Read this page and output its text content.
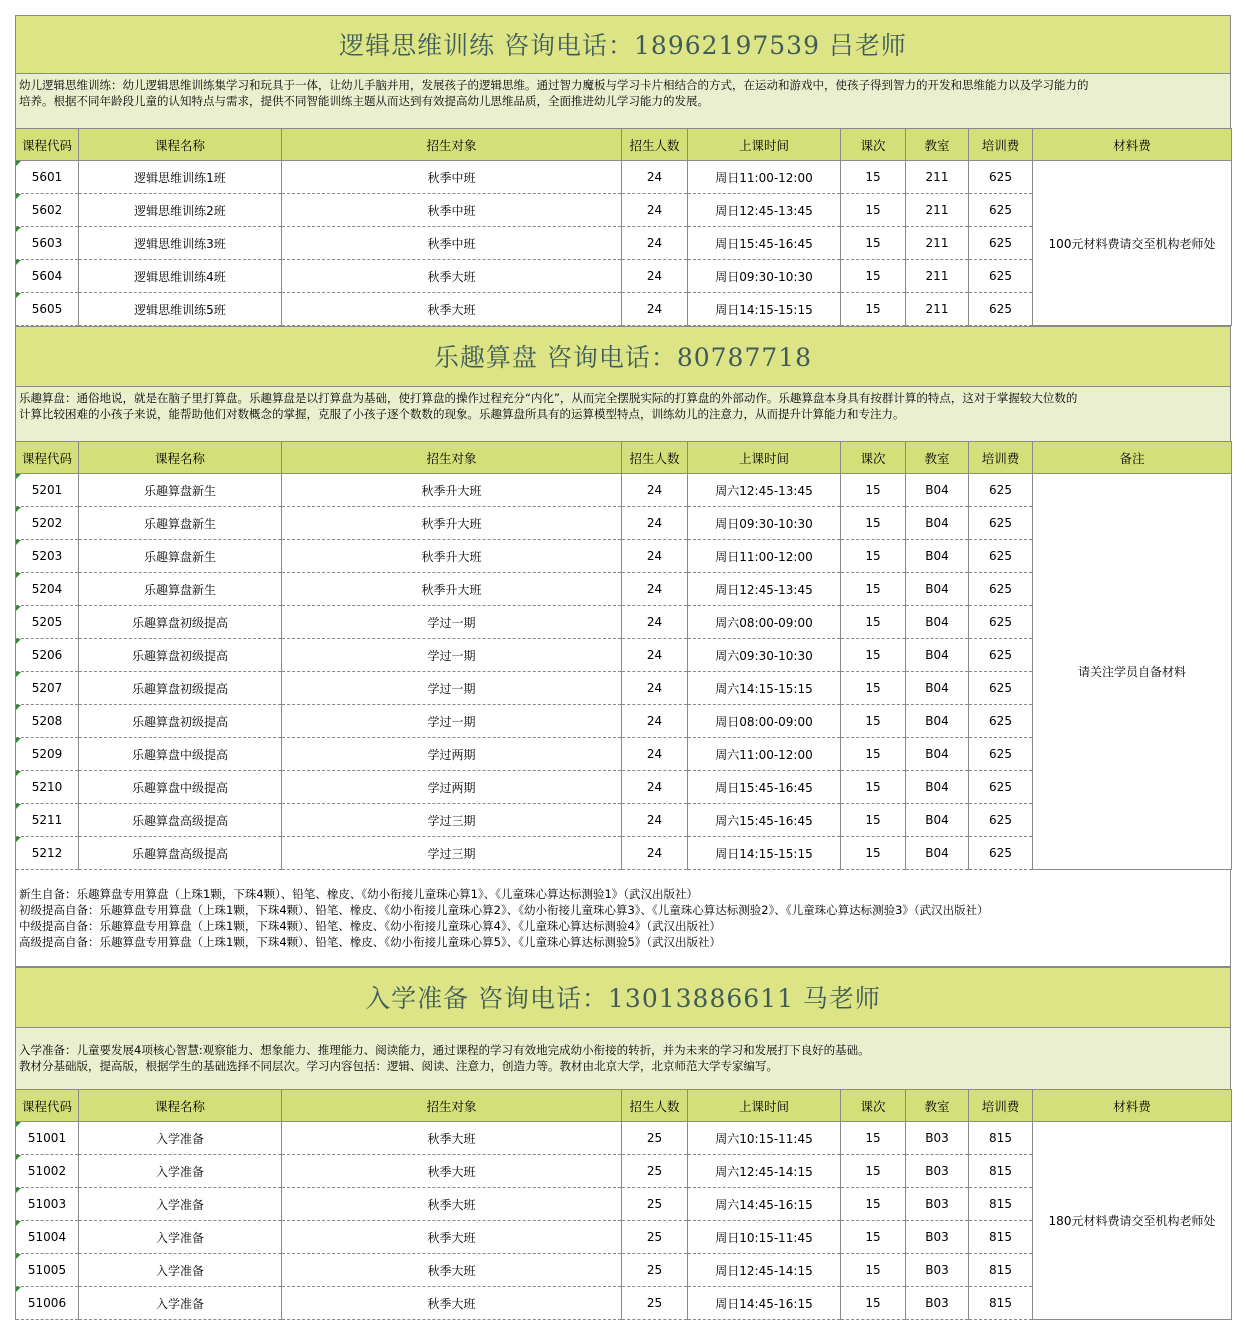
逻辑思维训练 咨询电话：18962197539 吕老师
幼儿逻辑思维训练：幼儿逻辑思维训练集学习和玩具于一体，让幼儿手脑并用，发展孩子的逻辑思维。通过智力魔板与学习卡片相结合的方式，在运动和游戏中，使孩子得到智力的开发和思维能力以及学习能力的
培养。根据不同年龄段儿童的认知特点与需求，提供不同智能训练主题从而达到有效提高幼儿思维品质，全面推进幼儿学习能力的发展。
课程代码	课程名称	招生对象	招生人数	上课时间	课次	教室	培训费	材料费
5601	逻辑思维训练1班	秋季中班	24	周日11:00-12:00	15	211	625	100元材料费请交至机构老师处
5602	逻辑思维训练2班	秋季中班	24	周日12:45-13:45	15	211	625	
5603	逻辑思维训练3班	秋季中班	24	周日15:45-16:45	15	211	625	
5604	逻辑思维训练4班	秋季大班	24	周日09:30-10:30	15	211	625	
5605	逻辑思维训练5班	秋季大班	24	周日14:15-15:15	15	211	625	
乐趣算盘 咨询电话：80787718
乐趣算盘：通俗地说，就是在脑子里打算盘。乐趣算盘是以打算盘为基础，使打算盘的操作过程充分“内化”，从而完全摆脱实际的打算盘的外部动作。乐趣算盘本身具有按群计算的特点，这对于掌握较大位数的
计算比较困难的小孩子来说，能帮助他们对数概念的掌握，克服了小孩子逐个数数的现象。乐趣算盘所具有的运算模型特点，训练幼儿的注意力，从而提升计算能力和专注力。
课程代码	课程名称	招生对象	招生人数	上课时间	课次	教室	培训费	备注
5201	乐趣算盘新生	秋季升大班	24	周六12:45-13:45	15	B04	625	请关注学员自备材料
5202	乐趣算盘新生	秋季升大班	24	周日09:30-10:30	15	B04	625	
5203	乐趣算盘新生	秋季升大班	24	周日11:00-12:00	15	B04	625	
5204	乐趣算盘新生	秋季升大班	24	周日12:45-13:45	15	B04	625	
5205	乐趣算盘初级提高	学过一期	24	周六08:00-09:00	15	B04	625	
5206	乐趣算盘初级提高	学过一期	24	周六09:30-10:30	15	B04	625	
5207	乐趣算盘初级提高	学过一期	24	周六14:15-15:15	15	B04	625	
5208	乐趣算盘初级提高	学过一期	24	周日08:00-09:00	15	B04	625	
5209	乐趣算盘中级提高	学过两期	24	周六11:00-12:00	15	B04	625	
5210	乐趣算盘中级提高	学过两期	24	周日15:45-16:45	15	B04	625	
5211	乐趣算盘高级提高	学过三期	24	周六15:45-16:45	15	B04	625	
5212	乐趣算盘高级提高	学过三期	24	周日14:15-15:15	15	B04	625	
新生自备：乐趣算盘专用算盘（上珠1颗，下珠4颗）、铅笔、橡皮、《幼小衔接儿童珠心算1》、《儿童珠心算达标测验1》（武汉出版社）
初级提高自备：乐趣算盘专用算盘（上珠1颗，下珠4颗）、铅笔、橡皮、《幼小衔接儿童珠心算2》、《幼小衔接儿童珠心算3》、《儿童珠心算达标测验2》、《儿童珠心算达标测验3》（武汉出版社）
中级提高自备：乐趣算盘专用算盘（上珠1颗，下珠4颗）、铅笔、橡皮、《幼小衔接儿童珠心算4》、《儿童珠心算达标测验4》（武汉出版社）
高级提高自备：乐趣算盘专用算盘（上珠1颗，下珠4颗）、铅笔、橡皮、《幼小衔接儿童珠心算5》、《儿童珠心算达标测验5》（武汉出版社）
入学准备 咨询电话：13013886611 马老师
入学准备：儿童要发展4项核心智慧:观察能力、想象能力、推理能力、阅读能力，通过课程的学习有效地完成幼小衔接的转折，并为未来的学习和发展打下良好的基础。
教材分基础版，提高版，根据学生的基础选择不同层次。学习内容包括：逻辑、阅读、注意力，创造力等。教材由北京大学，北京师范大学专家编写。
课程代码	课程名称	招生对象	招生人数	上课时间	课次	教室	培训费	材料费
51001	入学准备	秋季大班	25	周六10:15-11:45	15	B03	815	180元材料费请交至机构老师处
51002	入学准备	秋季大班	25	周六12:45-14:15	15	B03	815	
51003	入学准备	秋季大班	25	周六14:45-16:15	15	B03	815	
51004	入学准备	秋季大班	25	周日10:15-11:45	15	B03	815	
51005	入学准备	秋季大班	25	周日12:45-14:15	15	B03	815	
51006	入学准备	秋季大班	25	周日14:45-16:15	15	B03	815	
